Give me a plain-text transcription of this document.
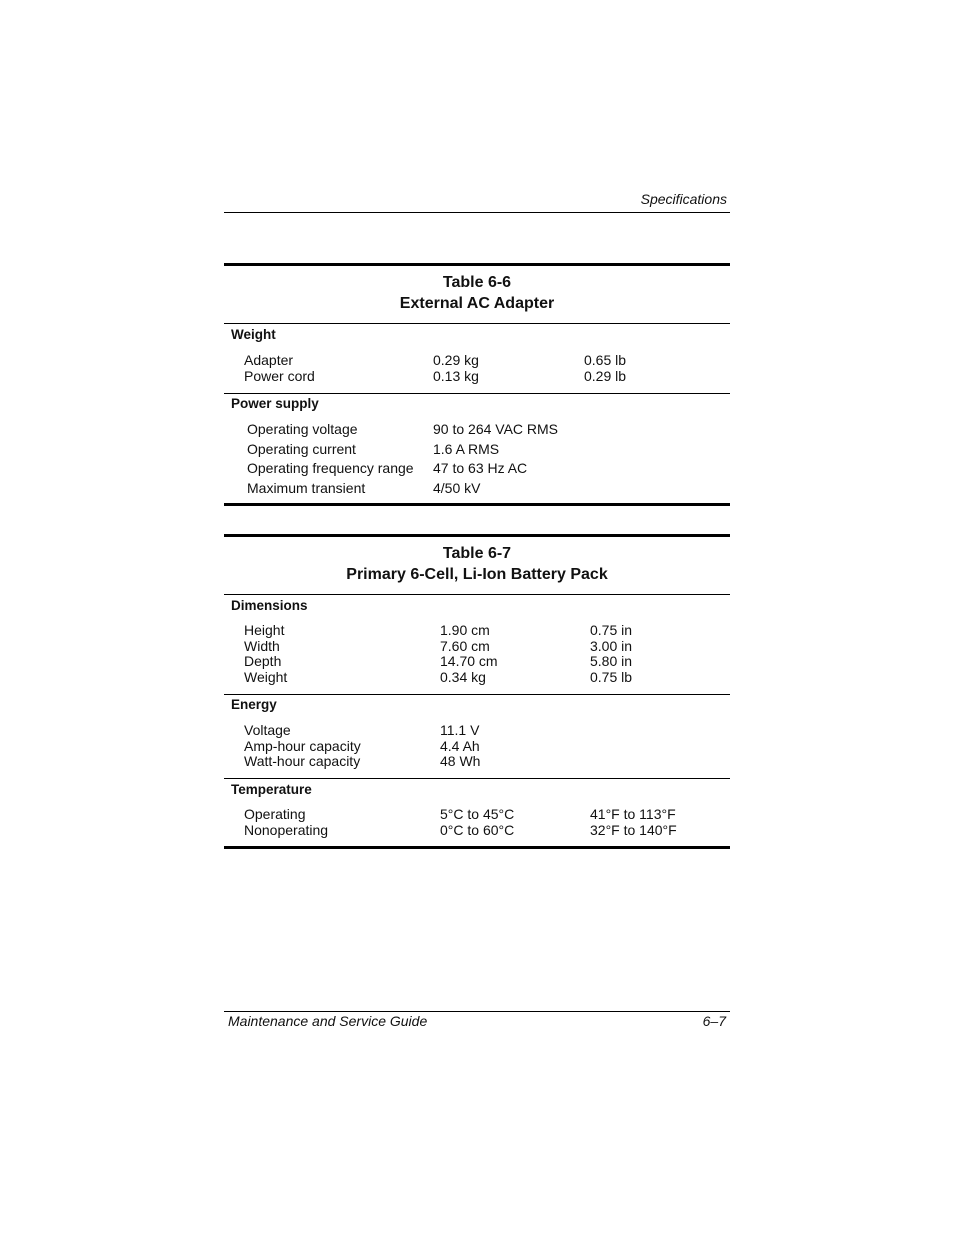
Specifications
Table 6-6
External AC Adapter
Weight
Adapter
Power cord
0.29 kg
0.13 kg
0.65 lb
0.29 lb
Power supply
Operating voltage
Operating current
Operating frequency range
Maximum transient
90 to 264 VAC RMS
1.6 A RMS
47 to 63 Hz AC
4/50 kV
Table 6-7
Primary 6-Cell, Li-Ion Battery Pack
Dimensions
Height
Width
Depth
Weight
1.90 cm
7.60 cm
14.70 cm
0.34 kg
0.75 in
3.00 in
5.80 in
0.75 lb
Energy
Voltage
Amp-hour capacity
Watt-hour capacity
11.1 V
4.4 Ah
48 Wh
Temperature
Operating
Nonoperating
5°C to 45°C
0°C to 60°C
41°F to 113°F
32°F to 140°F
Maintenance and Service Guide	6–7
